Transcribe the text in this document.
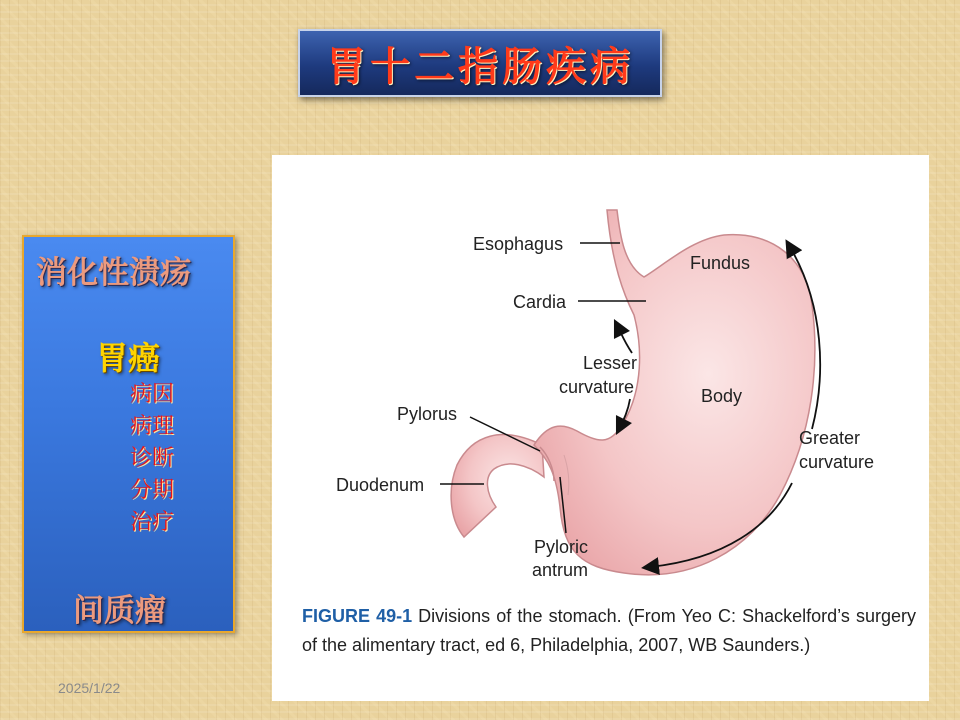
胃十二指肠疾病

消化性溃疡

胃癌

病因

病理

诊断

分期

治疗

间质瘤

Esophagus
Fundus
Cardia
Lesser
curvature	Body
Pylorus
Greater
curvature
Duodenum
Pyloric
antrum

FIGURE 49-1 Divisions of the stomach. (From Yeo C: Shackelford’s surgery of the alimentary tract, ed 6, Philadelphia, 2007, WB Saunders.)

2025/1/22
